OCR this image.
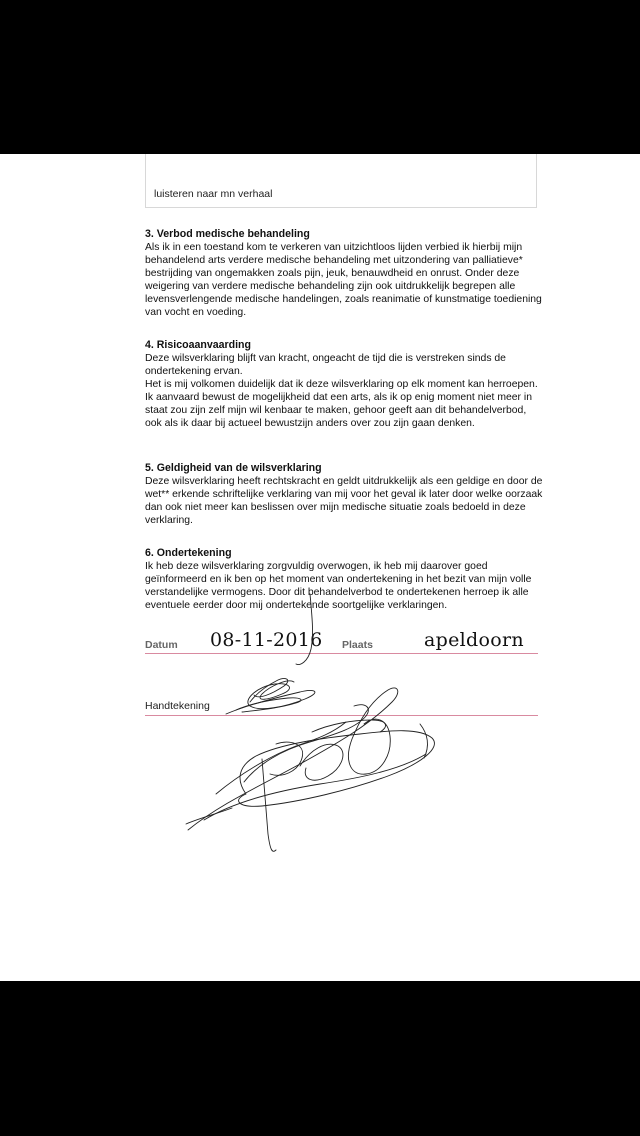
luisteren naar mn verhaal
3. Verbod medische behandeling

Als ik in een toestand kom te verkeren van uitzichtloos lijden verbied ik hierbij mijn behandelend arts verdere medische behandeling met uitzondering van palliatieve* bestrijding van ongemakken zoals pijn, jeuk, benauwdheid en onrust. Onder deze weigering van verdere medische behandeling zijn ook uitdrukkelijk begrepen alle levensverlengende medische handelingen, zoals reanimatie of kunstmatige toediening van vocht en voeding.

4. Risicoaanvaarding

Deze wilsverklaring blijft van kracht, ongeacht de tijd die is verstreken sinds de ondertekening ervan.

Het is mij volkomen duidelijk dat ik deze wilsverklaring op elk moment kan herroepen. Ik aanvaard bewust de mogelijkheid dat een arts, als ik op enig moment niet meer in staat zou zijn zelf mijn wil kenbaar te maken, gehoor geeft aan dit behandelverbod, ook als ik daar bij actueel bewustzijn anders over zou zijn gaan denken.

5. Geldigheid van de wilsverklaring

Deze wilsverklaring heeft rechtskracht en geldt uitdrukkelijk als een geldige en door de wet** erkende schriftelijke verklaring van mij voor het geval ik later door welke oorzaak dan ook niet meer kan beslissen over mijn medische situatie zoals bedoeld in deze verklaring.

6. Ondertekening

Ik heb deze wilsverklaring zorgvuldig overwogen, ik heb mij daarover goed geïnformeerd en ik ben op het moment van ondertekening in het bezit van mijn volle verstandelijke vermogens. Door dit behandelverbod te ondertekenen herroep ik alle eventuele eerder door mij ondertekende soortgelijke verklaringen.

Datum 08-11-2016 Plaats	apeldoorn
Handtekening
